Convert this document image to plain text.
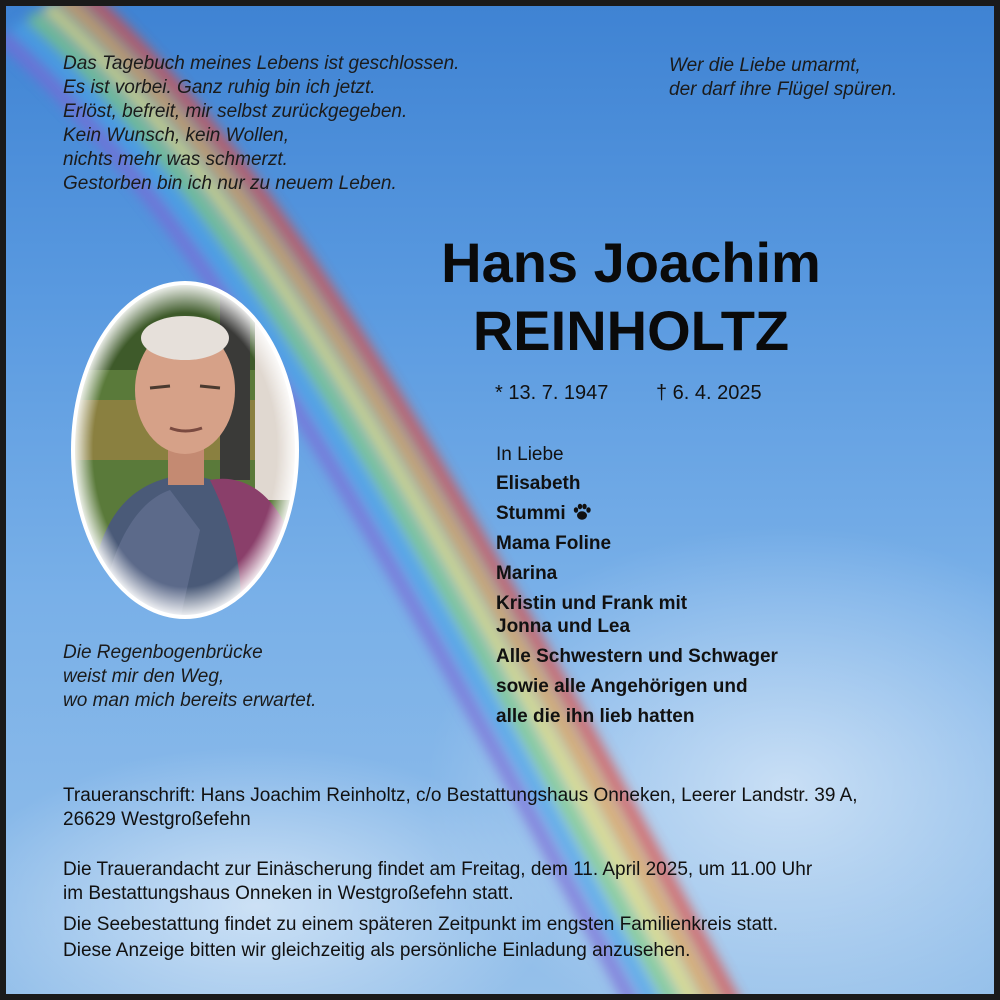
Das Tagebuch meines Lebens ist geschlossen.
Es ist vorbei. Ganz ruhig bin ich jetzt.
Erlöst, befreit, mir selbst zurückgegeben.
Kein Wunsch, kein Wollen,
nichts mehr was schmerzt.
Gestorben bin ich nur zu neuem Leben.
Wer die Liebe umarmt,
der darf ihre Flügel spüren.
Hans Joachim
REINHOLTZ
* 13. 7. 1947 † 6. 4. 2025
Die Regenbogenbrücke
weist mir den Weg,
wo man mich bereits erwartet.
In Liebe
Elisabeth
Stummi
Mama Foline
Marina
Kristin und Frank mit
Jonna und Lea
Alle Schwestern und Schwager
sowie alle Angehörigen und
alle die ihn lieb hatten
Traueranschrift: Hans Joachim Reinholtz, c/o Bestattungshaus Onneken, Leerer Landstr. 39 A,
26629 Westgroßefehn
Die Trauerandacht zur Einäscherung findet am Freitag, dem 11. April 2025, um 11.00 Uhr
im Bestattungshaus Onneken in Westgroßefehn statt.
Die Seebestattung findet zu einem späteren Zeitpunkt im engsten Familienkreis statt.
Diese Anzeige bitten wir gleichzeitig als persönliche Einladung anzusehen.
